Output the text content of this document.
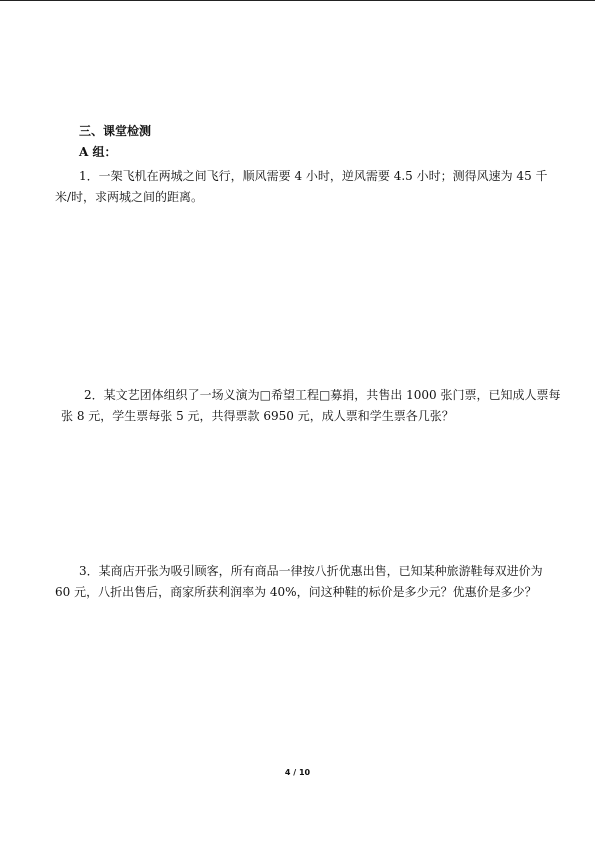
三、课堂检测
A 组：
1．一架飞机在两城之间飞行，顺风需要 4 小时，逆风需要 4.5 小时；测得风速为 45 千
米/时，求两城之间的距离。
2．某文艺团体组织了一场义演为□希望工程□募捐，共售出 1000 张门票，已知成人票每
张 8 元，学生票每张 5 元，共得票款 6950 元，成人票和学生票各几张？
3．某商店开张为吸引顾客，所有商品一律按八折优惠出售，已知某种旅游鞋每双进价为
60 元，八折出售后，商家所获利润率为 40%，问这种鞋的标价是多少元？优惠价是多少？
4 / 10
